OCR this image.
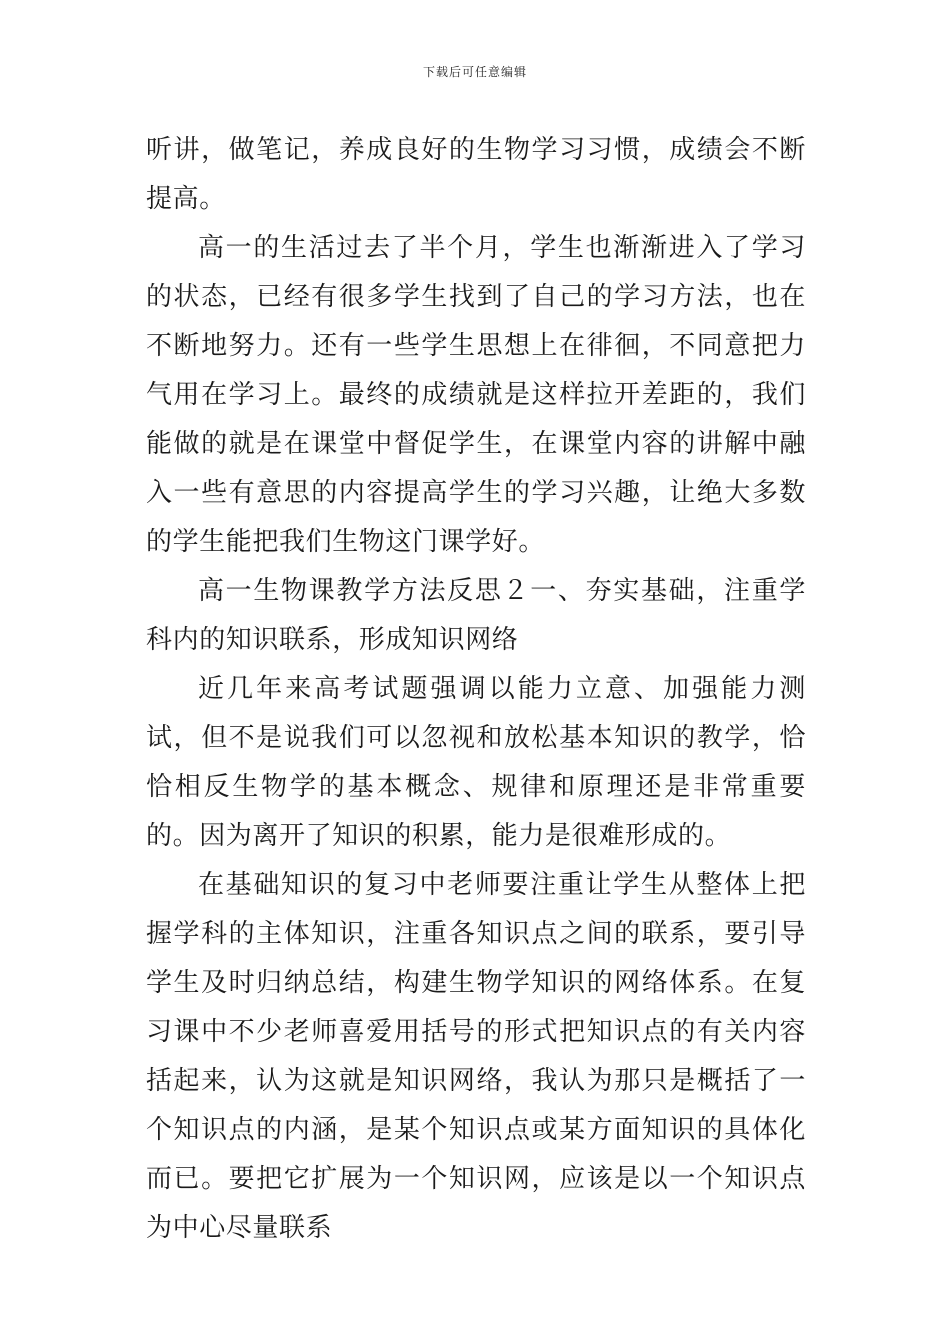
下载后可任意编辑

听讲，做笔记，养成良好的生物学习习惯，成绩会不断提高。

高一的生活过去了半个月，学生也渐渐进入了学习的状态，已经有很多学生找到了自己的学习方法，也在不断地努力。还有一些学生思想上在徘徊，不同意把力气用在学习上。最终的成绩就是这样拉开差距的，我们能做的就是在课堂中督促学生，在课堂内容的讲解中融入一些有意思的内容提高学生的学习兴趣，让绝大多数的学生能把我们生物这门课学好。

高一生物课教学方法反思２一、夯实基础，注重学科内的知识联系，形成知识网络

近几年来高考试题强调以能力立意、加强能力测试，但不是说我们可以忽视和放松基本知识的教学，恰恰相反生物学的基本概念、规律和原理还是非常重要的。因为离开了知识的积累，能力是很难形成的。

在基础知识的复习中老师要注重让学生从整体上把握学科的主体知识，注重各知识点之间的联系，要引导学生及时归纳总结，构建生物学知识的网络体系。在复习课中不少老师喜爱用括号的形式把知识点的有关内容括起来，认为这就是知识网络，我认为那只是概括了一个知识点的内涵，是某个知识点或某方面知识的具体化而已。要把它扩展为一个知识网，应该是以一个知识点为中心尽量联系
